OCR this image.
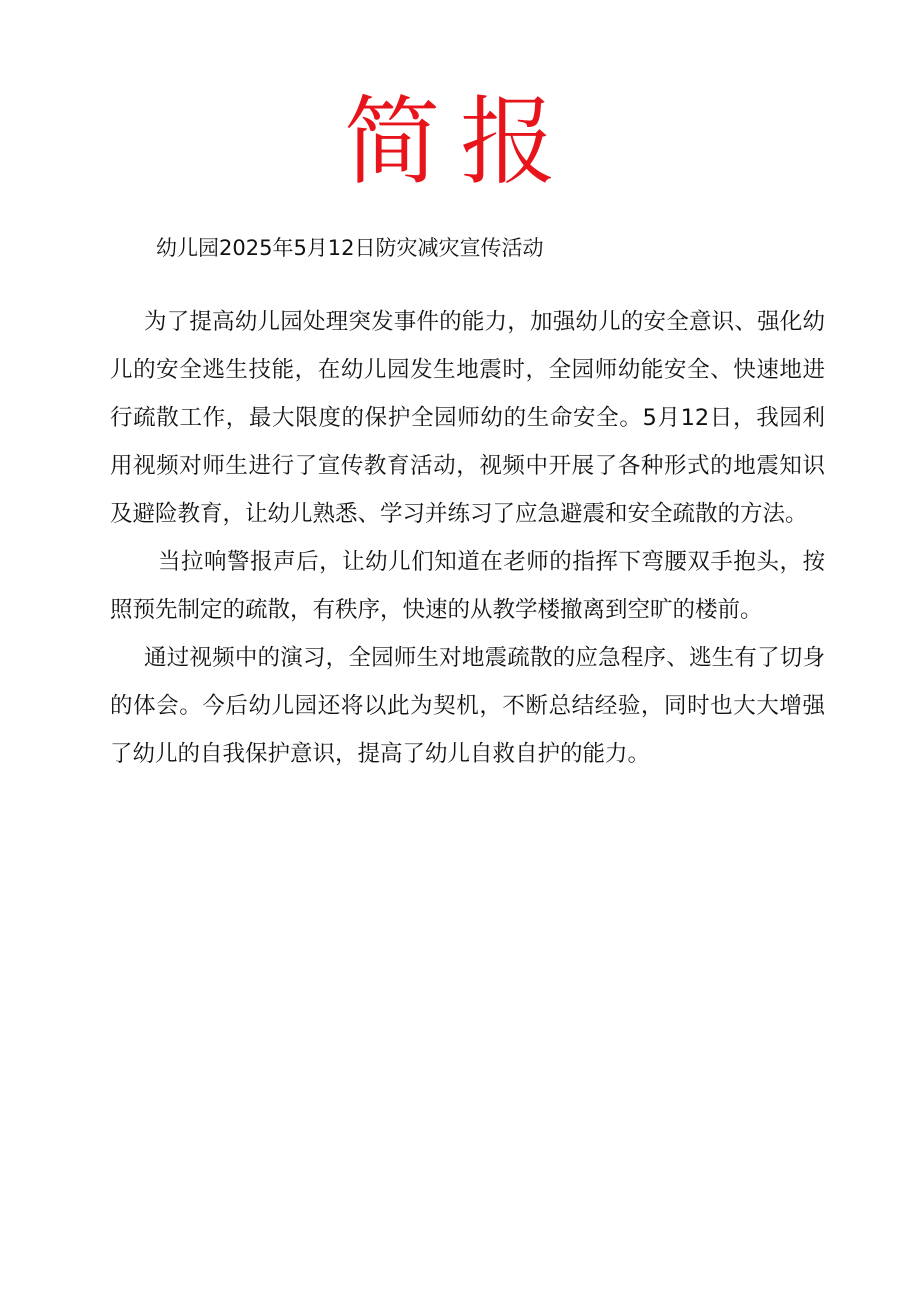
简报
幼儿园2025年5月12日防灾减灾宣传活动

为了提高幼儿园处理突发事件的能力，加强幼儿的安全意识、强化幼儿的安全逃生技能，在幼儿园发生地震时，全园师幼能安全、快速地进行疏散工作，最大限度的保护全园师幼的生命安全。5月12日，我园利用视频对师生进行了宣传教育活动，视频中开展了各种形式的地震知识及避险教育，让幼儿熟悉、学习并练习了应急避震和安全疏散的方法。

当拉响警报声后，让幼儿们知道在老师的指挥下弯腰双手抱头，按照预先制定的疏散，有秩序，快速的从教学楼撤离到空旷的楼前。

通过视频中的演习，全园师生对地震疏散的应急程序、逃生有了切身的体会。今后幼儿园还将以此为契机，不断总结经验，同时也大大增强了幼儿的自我保护意识，提高了幼儿自救自护的能力。
